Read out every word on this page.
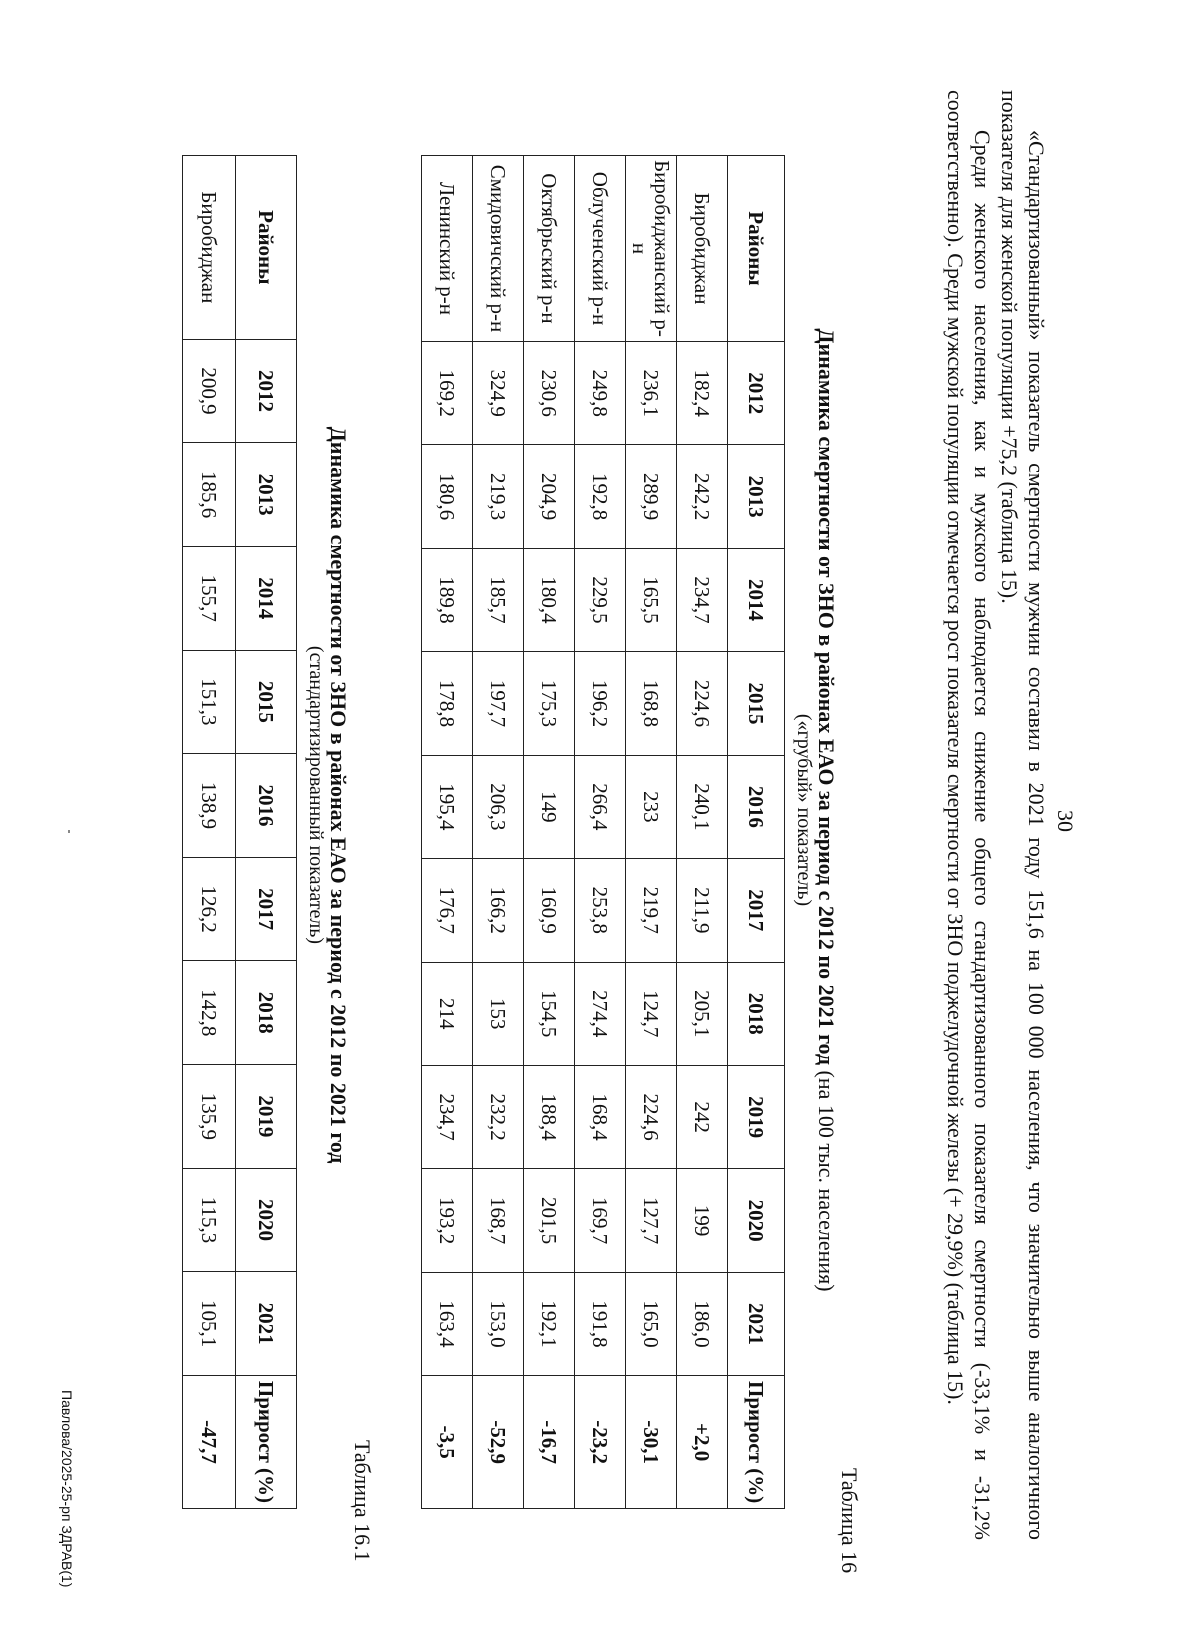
30
«Стандартизованный» показатель смертности мужчин составил в 2021 году 151,6 на 100 000 населения, что значительно выше аналогичного показателя для женской популяции +75,2 (таблица 15).
Среди женского населения, как и мужского наблюдается снижение общего стандартизованного показателя смертности (-33,1% и -31,2% соответственно). Среди мужской популяции отмечается рост показателя смертности от ЗНО поджелудочной железы (+ 29,9%) (таблица 15).
Таблица 16
Динамика смертности от ЗНО в районах ЕАО за период с 2012 по 2021 год (на 100 тыс. населения)
(«грубый» показатель)
Районы	2012	2013	2014	2015	2016	2017	2018	2019	2020	2021	Прирост (%)
Биробиджан	182,4	242,2	234,7	224,6	240,1	211,9	205,1	242	199	186,0	+2,0
Биробиджанский р-н	236,1	289,9	165,5	168,8	233	219,7	124,7	224,6	127,7	165,0	-30,1
Облученский р-н	249,8	192,8	229,5	196,2	266,4	253,8	274,4	168,4	169,7	191,8	-23,2
Октябрьский р-н	230,6	204,9	180,4	175,3	149	160,9	154,5	188,4	201,5	192,1	-16,7
Смидовичский р-н	324,9	219,3	185,7	197,7	206,3	166,2	153	232,2	168,7	153,0	-52,9
Ленинский р-н	169,2	180,6	189,8	178,8	195,4	176,7	214	234,7	193,2	163,4	-3,5
Таблица 16.1
Динамика смертности от ЗНО в районах ЕАО за период с 2012 по 2021 год
(стандартизированный показатель)
Районы	2012	2013	2014	2015	2016	2017	2018	2019	2020	2021	Прирост (%)
Биробиджан	200,9	185,6	155,7	151,3	138,9	126,2	142,8	135,9	115,3	105,1	-47,7
Павлова/2025-25-рп ЗДРАВ(1)
